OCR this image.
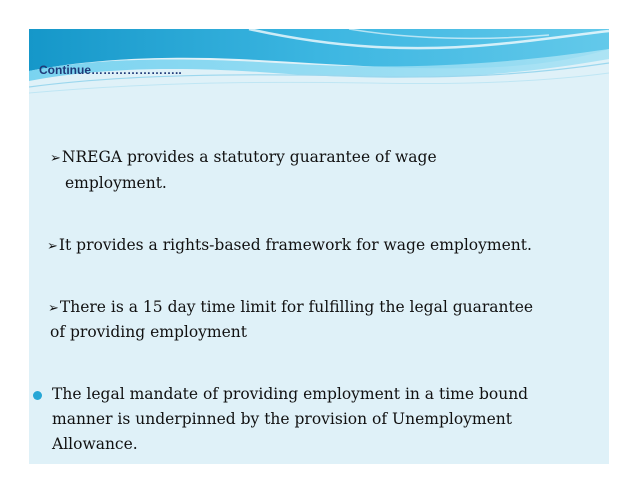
Continue…………………..
➢NREGA provides a statutory guarantee of wage
employment.
➢It provides a rights-based framework for wage employment.
➢There is a 15 day time limit for fulfilling the legal guarantee
of providing employment
The legal mandate of providing employment in a time bound
manner is underpinned by the provision of Unemployment
Allowance.
